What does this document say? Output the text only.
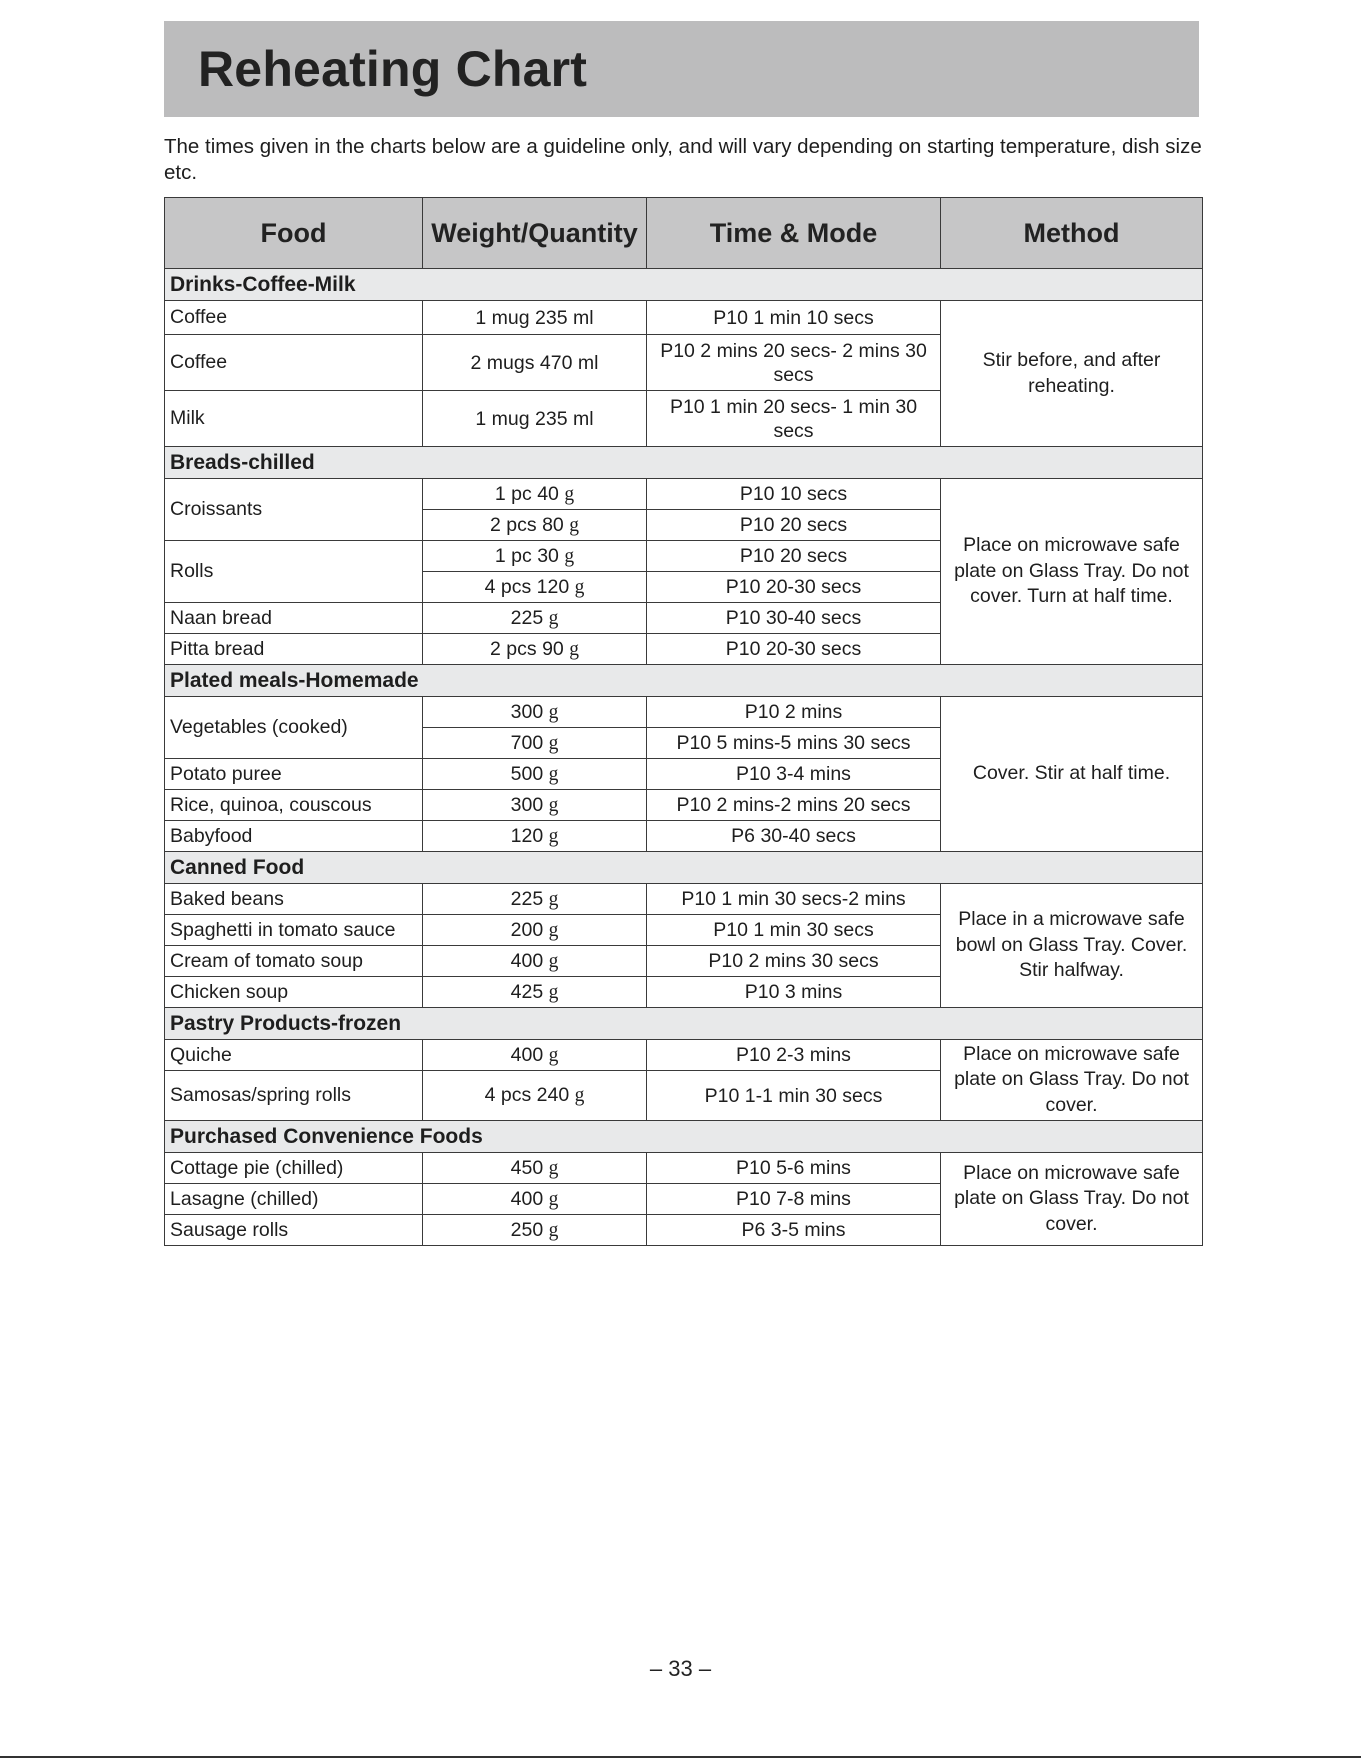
Reheating Chart

The times given in the charts below are a guideline only, and will vary depending on starting temperature, dish size etc.

Food	Weight/Quantity	Time & Mode	Method
Drinks-Coffee-Milk			
Coffee	1 mug 235 ml	P10 1 min 10 secs	Stir before, and after reheating.
Coffee	2 mugs 470 ml	P10 2 mins 20 secs- 2 mins 30 secs	
Milk	1 mug 235 ml	P10 1 min 20 secs- 1 min 30 secs	
Breads-chilled			
Croissants	1 pc 40 g	P10 10 secs	Place on microwave safe plate on Glass Tray. Do not cover. Turn at half time.
	2 pcs 80 g	P10 20 secs	
Rolls	1 pc 30 g	P10 20 secs	
	4 pcs 120 g	P10 20-30 secs	
Naan bread	225 g	P10 30-40 secs	
Pitta bread	2 pcs 90 g	P10 20-30 secs	
Plated meals-Homemade			
Vegetables (cooked)	300 g	P10 2 mins	Cover. Stir at half time.
	700 g	P10 5 mins-5 mins 30 secs	
Potato puree	500 g	P10 3-4 mins	
Rice, quinoa, couscous	300 g	P10 2 mins-2 mins 20 secs	
Babyfood	120 g	P6 30-40 secs	
Canned Food			
Baked beans	225 g	P10 1 min 30 secs-2 mins	Place in a microwave safe bowl on Glass Tray. Cover. Stir halfway.
Spaghetti in tomato sauce	200 g	P10 1 min 30 secs	
Cream of tomato soup	400 g	P10 2 mins 30 secs	
Chicken soup	425 g	P10 3 mins	
Pastry Products-frozen			
Quiche	400 g	P10 2-3 mins	Place on microwave safe plate on Glass Tray. Do not cover.
Samosas/spring rolls	4 pcs 240 g	P10 1-1 min 30 secs	
Purchased Convenience Foods			
Cottage pie (chilled)	450 g	P10 5-6 mins	Place on microwave safe plate on Glass Tray. Do not cover.
Lasagne (chilled)	400 g	P10 7-8 mins	
Sausage rolls	250 g	P6 3-5 mins	
– 33 –
